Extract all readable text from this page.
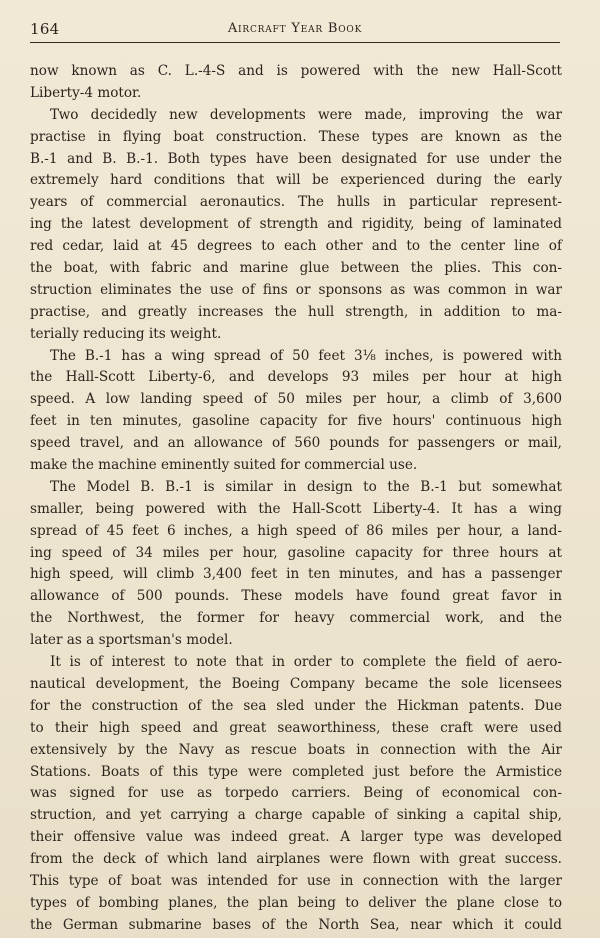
164	Aircraft Year Book
now known as C. L.-4-S and is powered with the new Hall-Scott
Liberty-4 motor.
Two decidedly new developments were made, improving the war
practise in flying boat construction. These types are known as the
B.-1 and B. B.-1. Both types have been designated for use under the
extremely hard conditions that will be experienced during the early
years of commercial aeronautics. The hulls in particular represent-
ing the latest development of strength and rigidity, being of laminated
red cedar, laid at 45 degrees to each other and to the center line of
the boat, with fabric and marine glue between the plies. This con-
struction eliminates the use of fins or sponsons as was common in war
practise, and greatly increases the hull strength, in addition to ma-
terially reducing its weight.
The B.-1 has a wing spread of 50 feet 3⅛ inches, is powered with
the Hall-Scott Liberty-6, and develops 93 miles per hour at high
speed. A low landing speed of 50 miles per hour, a climb of 3,600
feet in ten minutes, gasoline capacity for five hours' continuous high
speed travel, and an allowance of 560 pounds for passengers or mail,
make the machine eminently suited for commercial use.
The Model B. B.-1 is similar in design to the B.-1 but somewhat
smaller, being powered with the Hall-Scott Liberty-4. It has a wing
spread of 45 feet 6 inches, a high speed of 86 miles per hour, a land-
ing speed of 34 miles per hour, gasoline capacity for three hours at
high speed, will climb 3,400 feet in ten minutes, and has a passenger
allowance of 500 pounds. These models have found great favor in
the Northwest, the former for heavy commercial work, and the
later as a sportsman's model.
It is of interest to note that in order to complete the field of aero-
nautical development, the Boeing Company became the sole licensees
for the construction of the sea sled under the Hickman patents. Due
to their high speed and great seaworthiness, these craft were used
extensively by the Navy as rescue boats in connection with the Air
Stations. Boats of this type were completed just before the Armistice
was signed for use as torpedo carriers. Being of economical con-
struction, and yet carrying a charge capable of sinking a capital ship,
their offensive value was indeed great. A larger type was developed
from the deck of which land airplanes were flown with great success.
This type of boat was intended for use in connection with the larger
types of bombing planes, the plan being to deliver the plane close to
the German submarine bases of the North Sea, near which it could
